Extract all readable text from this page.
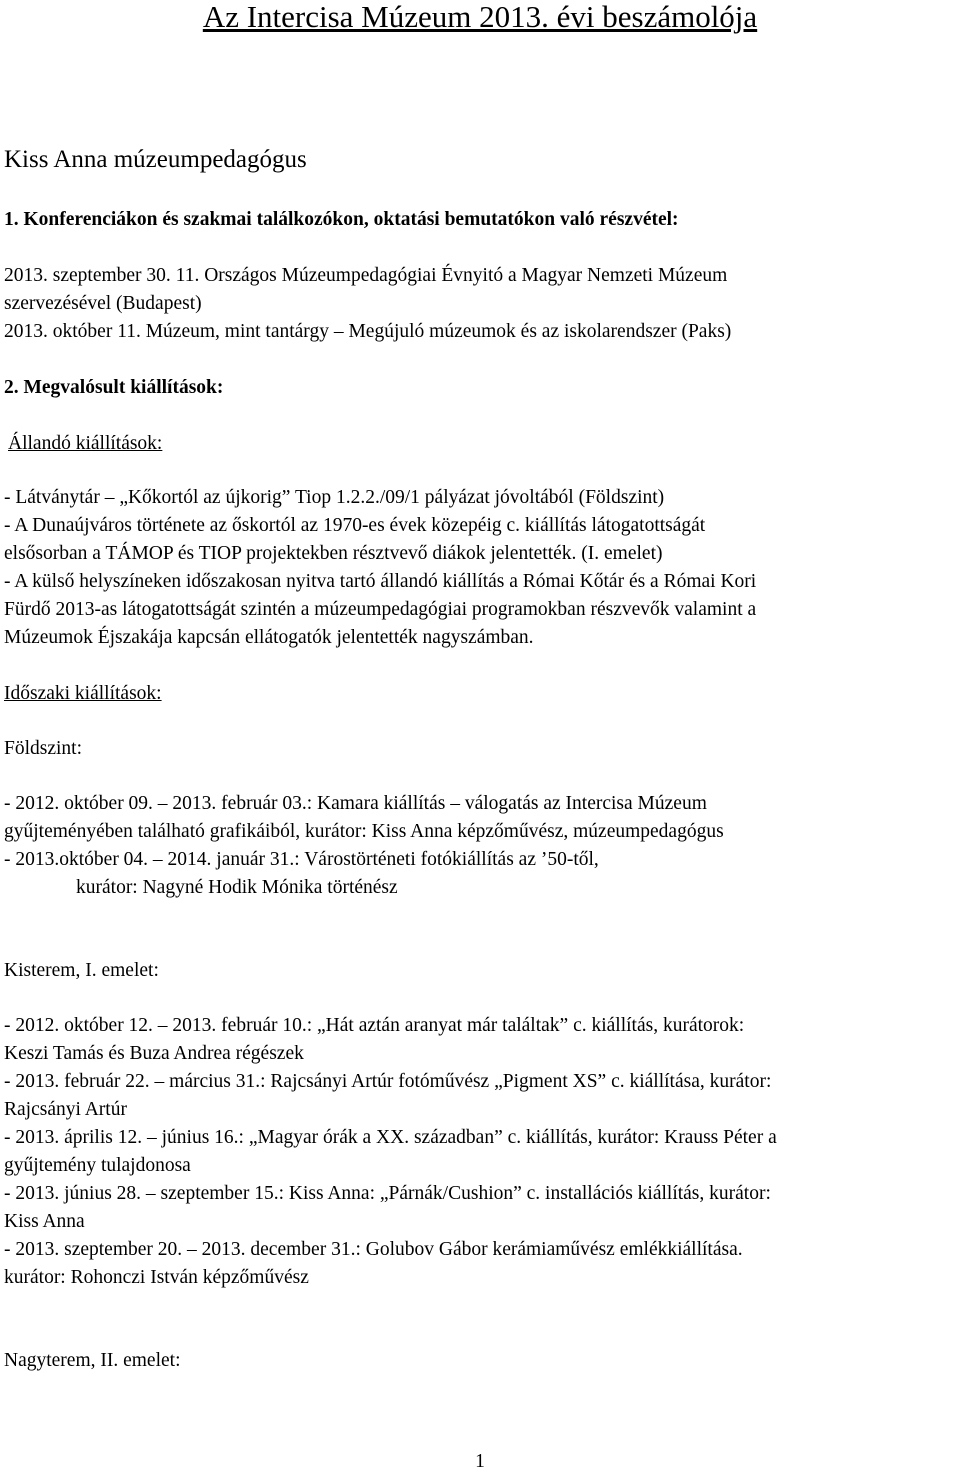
Az Intercisa Múzeum 2013. évi beszámolója
Kiss Anna múzeumpedagógus
1. Konferenciákon és szakmai találkozókon, oktatási bemutatókon való részvétel:
2013. szeptember 30. 11. Országos Múzeumpedagógiai Évnyitó a Magyar Nemzeti Múzeum
szervezésével (Budapest)
2013. október 11. Múzeum, mint tantárgy – Megújuló múzeumok és az iskolarendszer (Paks)
2. Megvalósult kiállítások:
Állandó kiállítások:
- Látványtár – „Kőkortól az újkorig” Tiop 1.2.2./09/1 pályázat jóvoltából (Földszint)
- A Dunaújváros története az őskortól az 1970-es évek közepéig c. kiállítás látogatottságát
elsősorban a TÁMOP és TIOP projektekben résztvevő diákok jelentették. (I. emelet)
- A külső helyszíneken időszakosan nyitva tartó állandó kiállítás a Római Kőtár és a Római Kori
Fürdő 2013-as látogatottságát szintén a múzeumpedagógiai programokban részvevők valamint a
Múzeumok Éjszakája kapcsán ellátogatók jelentették nagyszámban.
Időszaki kiállítások:
Földszint:
- 2012. október 09. – 2013. február 03.: Kamara kiállítás – válogatás az Intercisa Múzeum
gyűjteményében található grafikáiból, kurátor: Kiss Anna képzőművész, múzeumpedagógus
- 2013.október 04. – 2014. január 31.: Várostörténeti fotókiállítás az ’50-től,
kurátor: Nagyné Hodik Mónika történész
Kisterem, I. emelet:
- 2012. október 12. – 2013. február 10.: „Hát aztán aranyat már találtak” c. kiállítás, kurátorok:
Keszi Tamás és Buza Andrea régészek
- 2013. február 22. – március 31.: Rajcsányi Artúr fotóművész „Pigment XS” c. kiállítása, kurátor:
Rajcsányi Artúr
- 2013. április 12. – június 16.: „Magyar órák a XX. században” c. kiállítás, kurátor: Krauss Péter a
gyűjtemény tulajdonosa
- 2013. június 28. – szeptember 15.: Kiss Anna: „Párnák/Cushion” c. installációs kiállítás, kurátor:
Kiss Anna
- 2013. szeptember 20. – 2013. december 31.: Golubov Gábor kerámiaművész emlékkiállítása.
kurátor: Rohonczi István képzőművész
Nagyterem, II. emelet:
1
